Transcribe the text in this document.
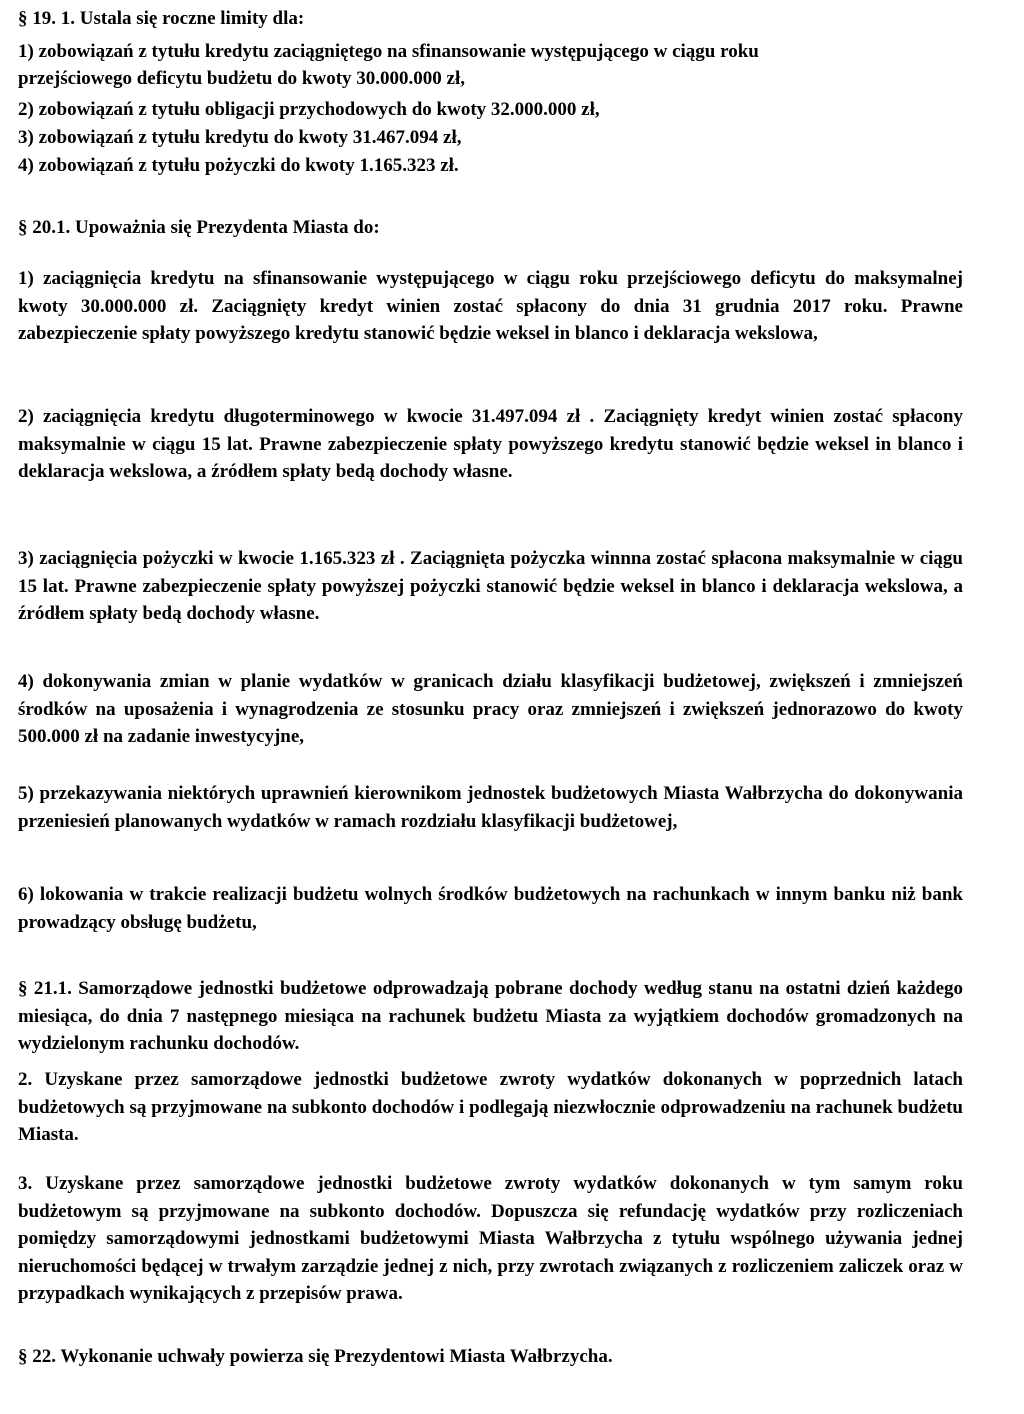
§ 19. 1. Ustala się roczne limity dla:
1) zobowiązań z tytułu kredytu zaciągniętego na sfinansowanie występującego w ciągu roku
przejściowego deficytu budżetu do kwoty 30.000.000 zł,
2) zobowiązań z tytułu obligacji przychodowych do kwoty 32.000.000 zł,
3) zobowiązań z tytułu kredytu do kwoty 31.467.094 zł,
4) zobowiązań z tytułu pożyczki do kwoty 1.165.323 zł.
§ 20.1. Upoważnia się Prezydenta Miasta do:
1) zaciągnięcia kredytu na sfinansowanie występującego w ciągu roku przejściowego deficytu do maksymalnej kwoty 30.000.000 zł. Zaciągnięty kredyt winien zostać spłacony do dnia 31 grudnia 2017 roku. Prawne zabezpieczenie spłaty powyższego kredytu stanowić będzie weksel in blanco i deklaracja wekslowa,
2) zaciągnięcia kredytu długoterminowego w kwocie 31.497.094 zł . Zaciągnięty kredyt winien zostać spłacony maksymalnie w ciągu 15 lat. Prawne zabezpieczenie spłaty powyższego kredytu stanowić będzie weksel in blanco i deklaracja wekslowa, a źródłem spłaty bedą dochody własne.
3) zaciągnięcia pożyczki w kwocie 1.165.323 zł . Zaciągnięta pożyczka winnna zostać spłacona maksymalnie w ciągu 15 lat. Prawne zabezpieczenie spłaty powyższej pożyczki stanowić będzie weksel in blanco i deklaracja wekslowa, a źródłem spłaty bedą dochody własne.
4) dokonywania zmian w planie wydatków w granicach działu klasyfikacji budżetowej, zwiększeń i zmniejszeń środków na uposażenia i wynagrodzenia ze stosunku pracy oraz zmniejszeń i zwiększeń jednorazowo do kwoty 500.000 zł na zadanie inwestycyjne,
5) przekazywania niektórych uprawnień kierownikom jednostek budżetowych Miasta Wałbrzycha do dokonywania przeniesień planowanych wydatków w ramach rozdziału klasyfikacji budżetowej,
6) lokowania w trakcie realizacji budżetu wolnych środków budżetowych na rachunkach w innym banku niż bank prowadzący obsługę budżetu,
§ 21.1. Samorządowe jednostki budżetowe odprowadzają pobrane dochody według stanu na ostatni dzień każdego miesiąca, do dnia 7 następnego miesiąca na rachunek budżetu Miasta za wyjątkiem dochodów gromadzonych na wydzielonym rachunku dochodów.
2. Uzyskane przez samorządowe jednostki budżetowe zwroty wydatków dokonanych w poprzednich latach budżetowych są przyjmowane na subkonto dochodów i podlegają niezwłocznie odprowadzeniu na rachunek budżetu Miasta.
3. Uzyskane przez samorządowe jednostki budżetowe zwroty wydatków dokonanych w tym samym roku budżetowym są przyjmowane na subkonto dochodów. Dopuszcza się refundację wydatków przy rozliczeniach pomiędzy samorządowymi jednostkami budżetowymi Miasta Wałbrzycha z tytułu wspólnego używania jednej nieruchomości będącej w trwałym zarządzie jednej z nich, przy zwrotach związanych z rozliczeniem zaliczek oraz w przypadkach wynikających z przepisów prawa.
§ 22. Wykonanie uchwały powierza się Prezydentowi Miasta Wałbrzycha.
